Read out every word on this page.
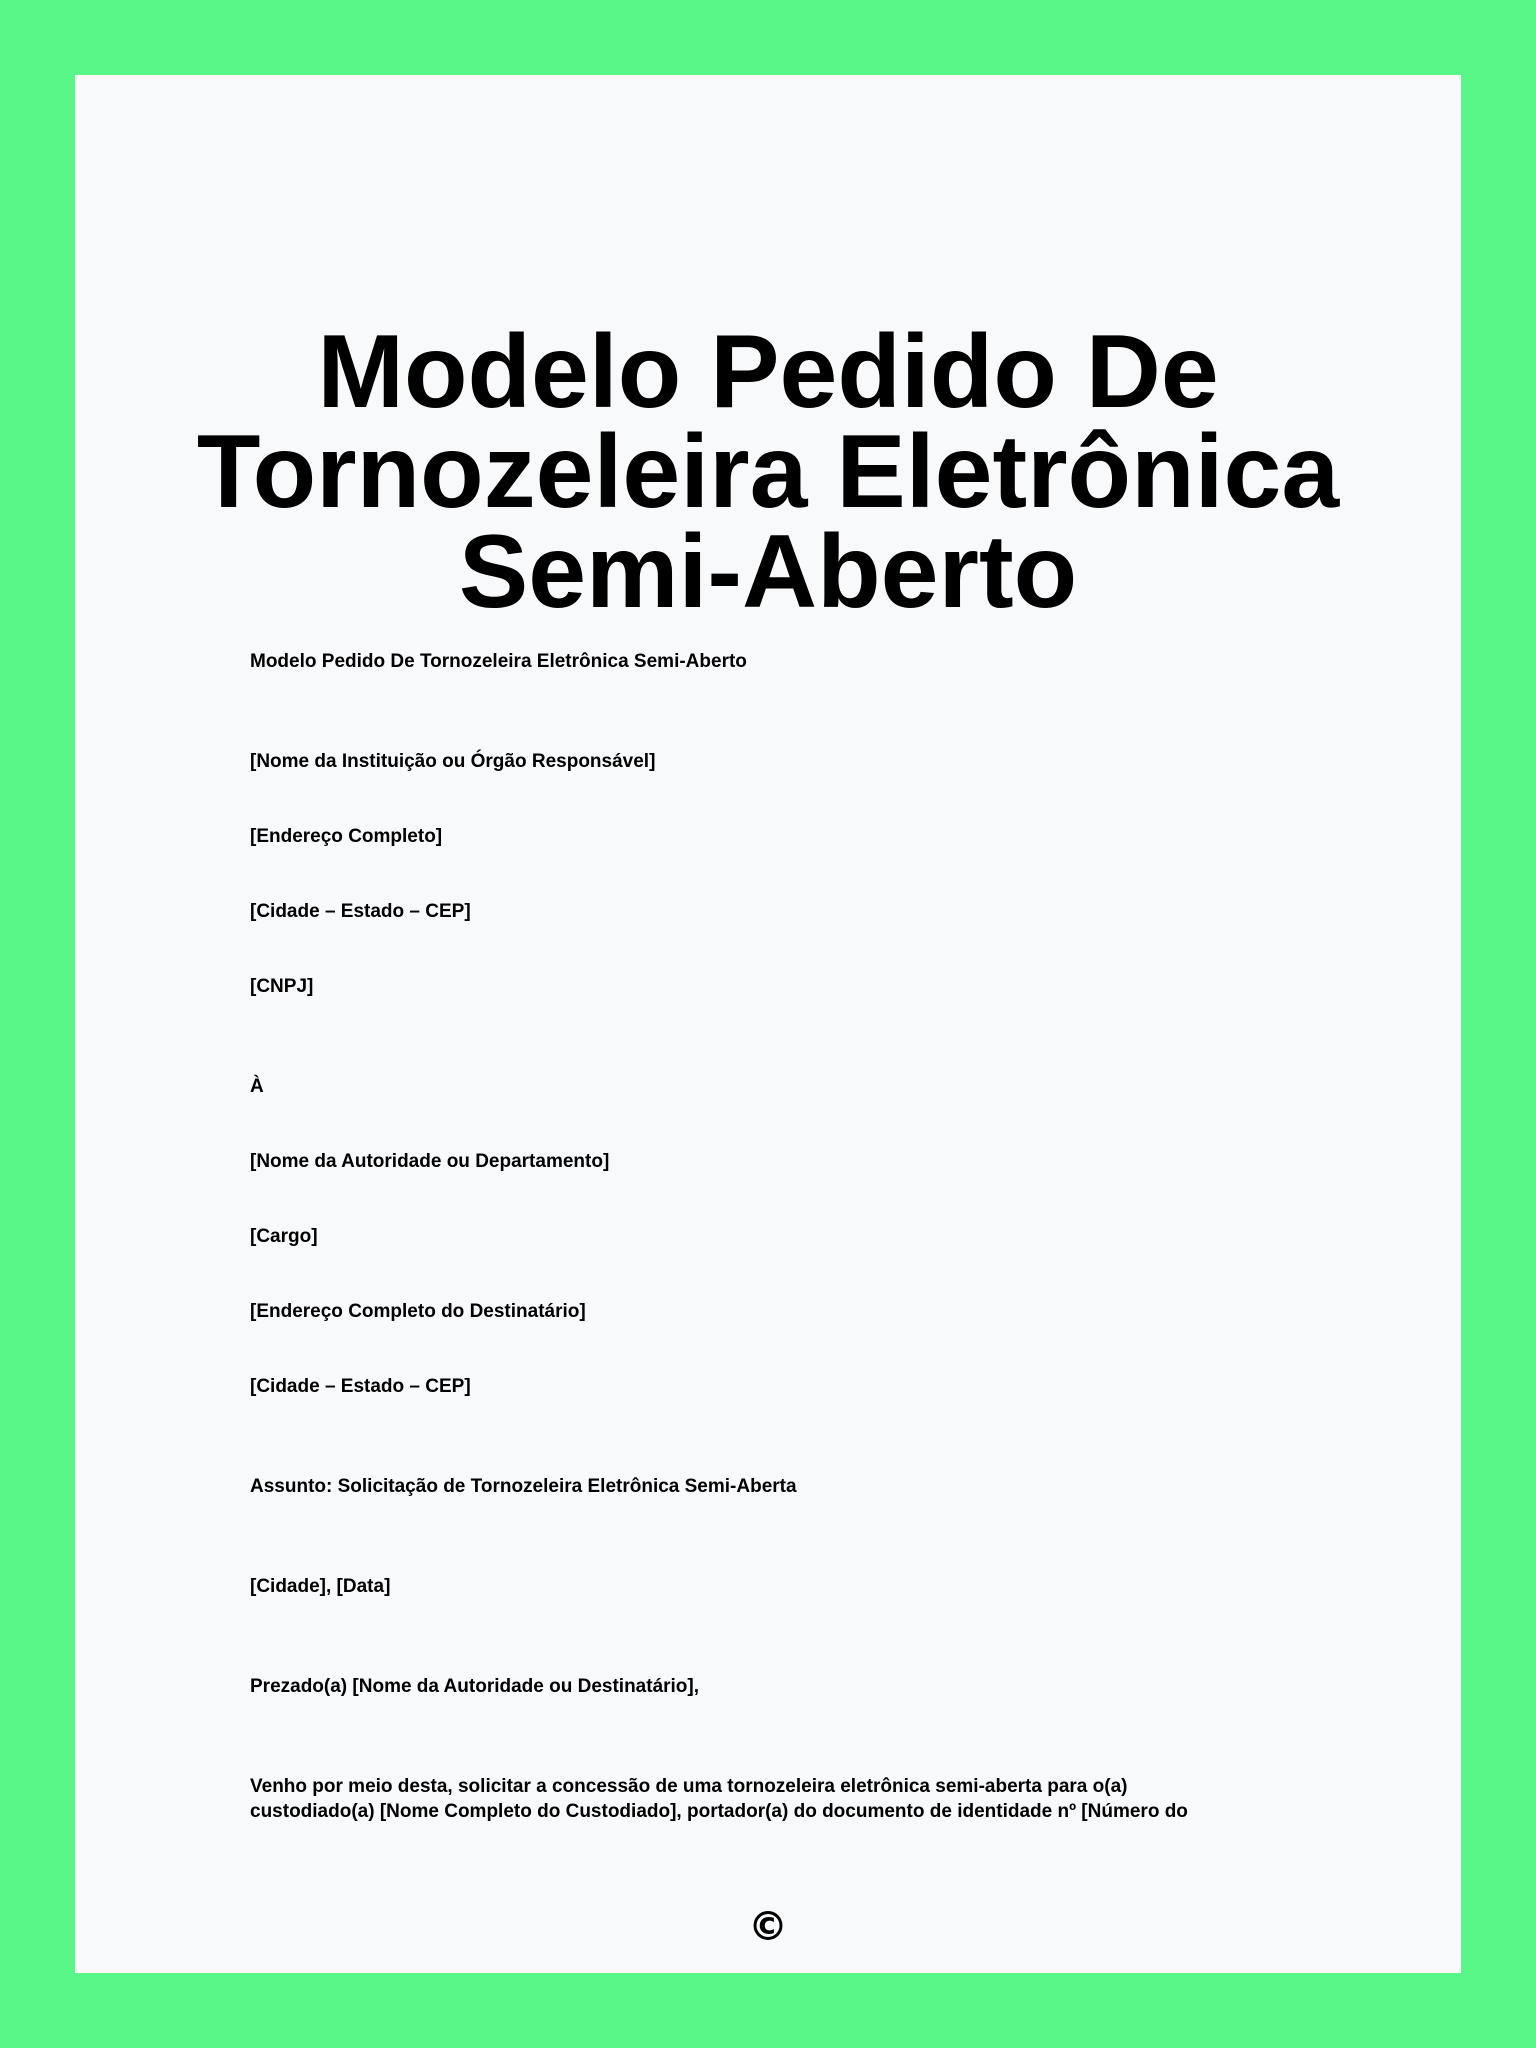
Modelo Pedido De
Tornozeleira Eletrônica
Semi-Aberto

Modelo Pedido De Tornozeleira Eletrônica Semi-Aberto

[Nome da Instituição ou Órgão Responsável]

[Endereço Completo]

[Cidade – Estado – CEP]

[CNPJ]

À

[Nome da Autoridade ou Departamento]

[Cargo]

[Endereço Completo do Destinatário]

[Cidade – Estado – CEP]

Assunto: Solicitação de Tornozeleira Eletrônica Semi-Aberta

[Cidade], [Data]

Prezado(a) [Nome da Autoridade ou Destinatário],

Venho por meio desta, solicitar a concessão de uma tornozeleira eletrônica semi-aberta para o(a)

custodiado(a) [Nome Completo do Custodiado], portador(a) do documento de identidade nº [Número do

©
